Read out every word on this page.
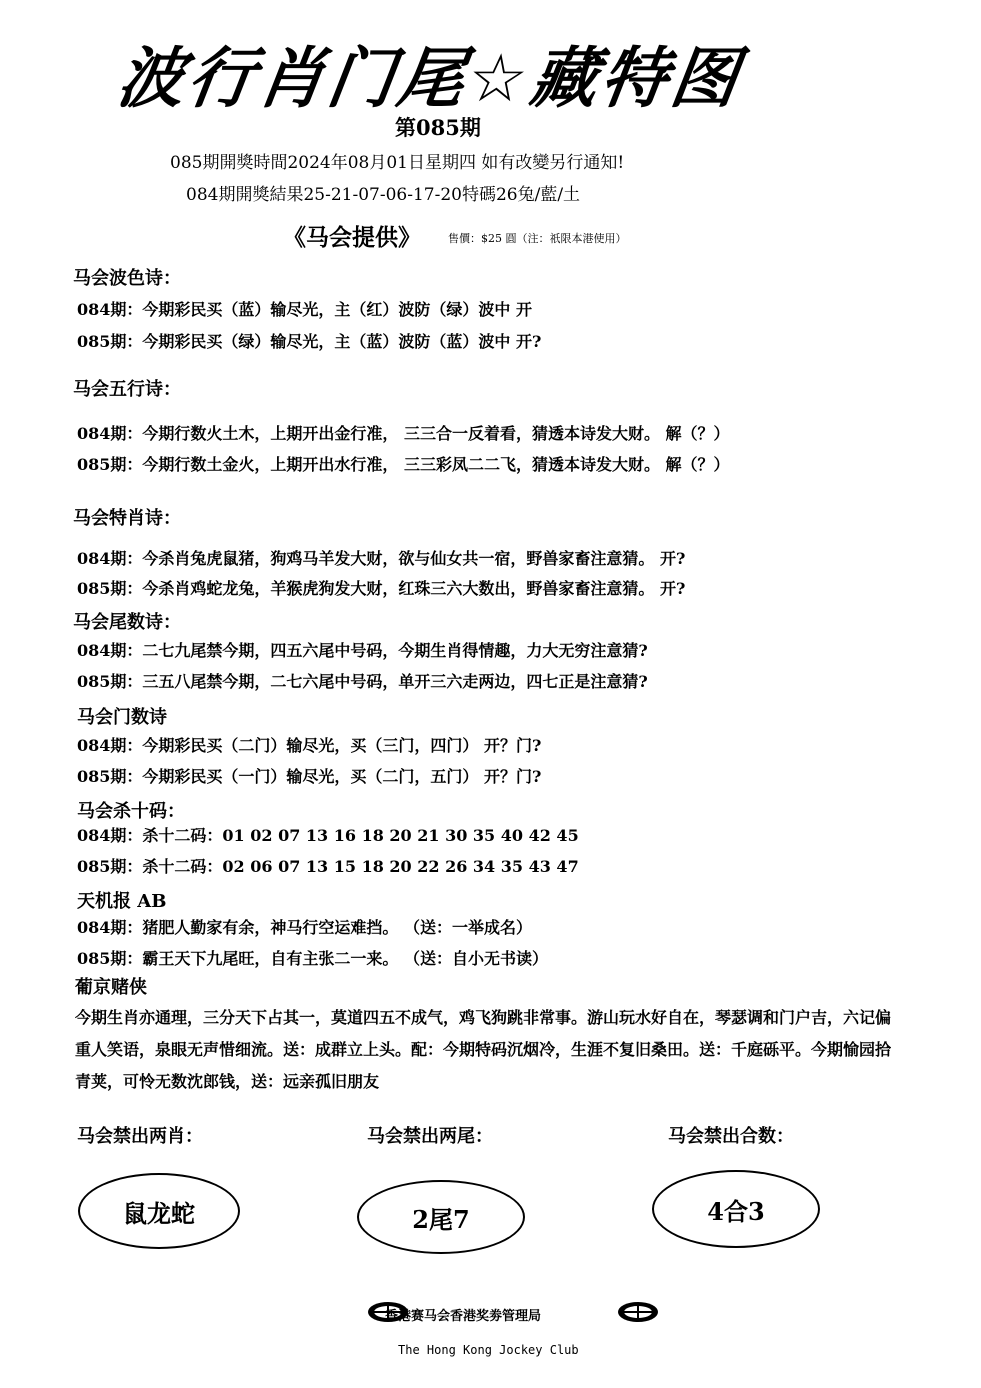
波行肖门尾☆藏特图
第085期
085期開獎時間2024年08月01日星期四 如有改變另行通知!
084期開獎結果25-21-07-06-17-20特碼26兔/藍/土
《马会提供》 售價：$25 圓（注：祇限本港使用）
马会波色诗：
084期：今期彩民买（蓝）输尽光，主（红）波防（绿）波中 开
085期：今期彩民买（绿）输尽光，主（蓝）波防（蓝）波中 开?
马会五行诗：
084期：今期行数火土木，上期开出金行准， 三三合一反着看，猜透本诗发大财。 解（？）
085期：今期行数土金火，上期开出水行准， 三三彩凤二二飞，猜透本诗发大财。 解（？）
马会特肖诗：
084期：今杀肖兔虎鼠猪，狗鸡马羊发大财，欲与仙女共一宿，野兽家畜注意猜。 开?
085期：今杀肖鸡蛇龙兔，羊猴虎狗发大财，红珠三六大数出，野兽家畜注意猜。 开?
马会尾数诗：
084期：二七九尾禁今期，四五六尾中号码，今期生肖得情趣，力大无穷注意猜?
085期：三五八尾禁今期，二七六尾中号码，单开三六走两边，四七正是注意猜?
马会门数诗
084期：今期彩民买（二门）输尽光，买（三门，四门） 开？门?
085期：今期彩民买（一门）输尽光，买（二门，五门） 开？门?
马会杀十码：
084期：杀十二码：01 02 07 13 16 18 20 21 30 35 40 42 45
085期：杀十二码：02 06 07 13 15 18 20 22 26 34 35 43 47
天机报 AB
084期：猪肥人勤家有余，神马行空运难挡。 （送：一举成名）
085期：霸王天下九尾旺，自有主张二一来。 （送：自小无书读）
葡京赌侠
今期生肖亦通理，三分天下占其一，莫道四五不成气，鸡飞狗跳非常事。游山玩水好自在，琴瑟调和门户吉，六记偏重人笑语，泉眼无声惜细流。送：成群立上头。配：今期特码沉烟冷，生涯不复旧桑田。送：千庭砾平。今期愉园拾青荚，可怜无数沈郎钱，送：远亲孤旧朋友
马会禁出两肖：	马会禁出两尾：	马会禁出合数：
鼠龙蛇	2尾7	4合3
香港赛马会香港奖劵管理局
The Hong Kong Jockey Club
